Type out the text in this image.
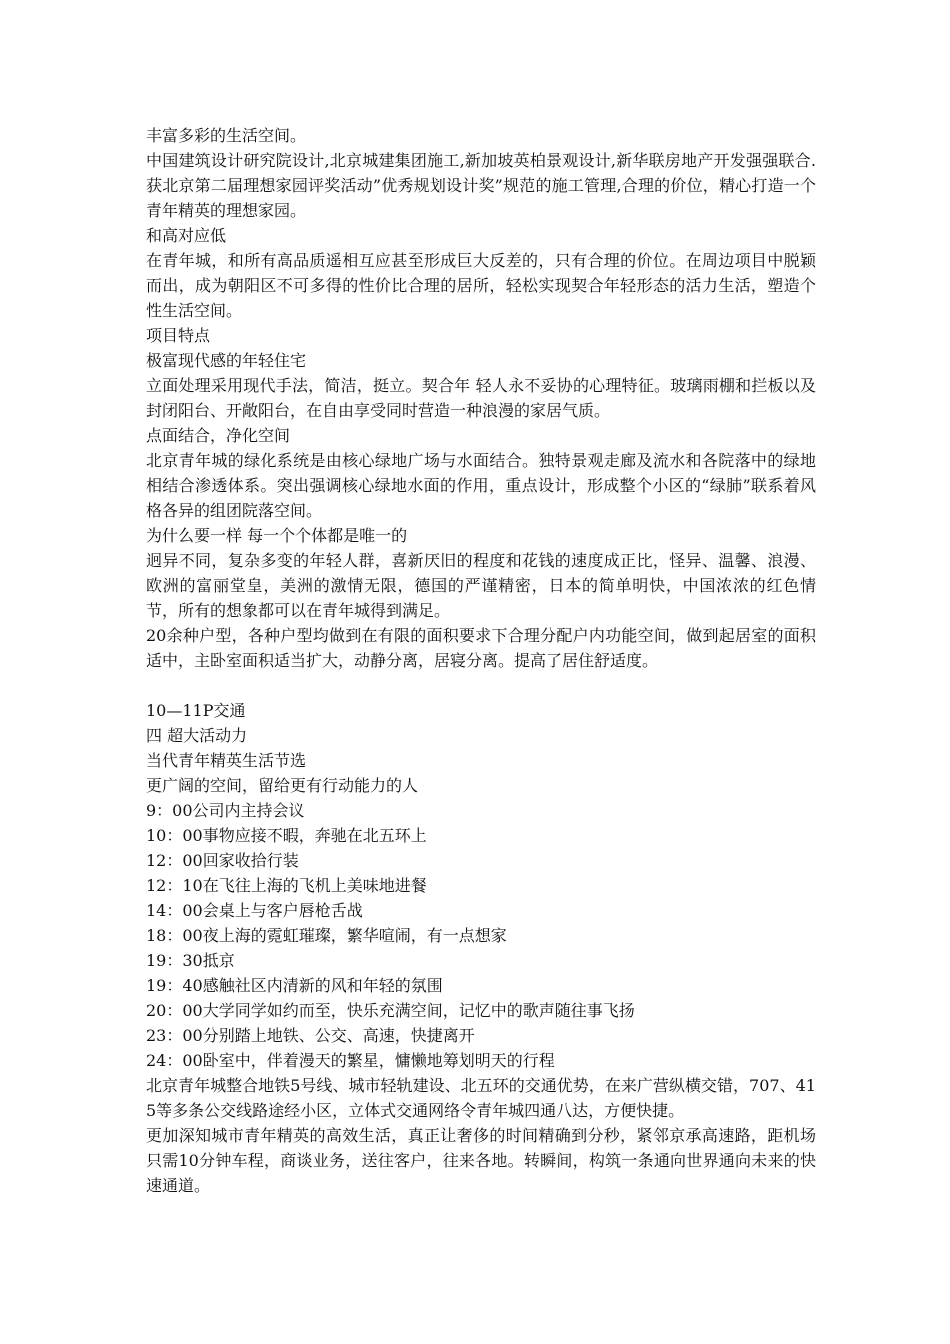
丰富多彩的生活空间。

中国建筑设计研究院设计,北京城建集团施工,新加坡英柏景观设计,新华联房地产开发强强联合.获北京第二届理想家园评奖活动”优秀规划设计奖”规范的施工管理,合理的价位，精心打造一个青年精英的理想家园。

和高对应低

在青年城，和所有高品质遥相互应甚至形成巨大反差的，只有合理的价位。在周边项目中脱颖而出，成为朝阳区不可多得的性价比合理的居所，轻松实现契合年轻形态的活力生活，塑造个性生活空间。

项目特点

极富现代感的年轻住宅

立面处理采用现代手法，简洁，挺立。契合年 轻人永不妥协的心理特征。玻璃雨棚和拦板以及封闭阳台、开敞阳台，在自由享受同时营造一种浪漫的家居气质。

点面结合，净化空间

北京青年城的绿化系统是由核心绿地广场与水面结合。独特景观走廊及流水和各院落中的绿地相结合渗透体系。突出强调核心绿地水面的作用，重点设计，形成整个小区的“绿肺”联系着风格各异的组团院落空间。

为什么要一样 每一个个体都是唯一的

迥异不同，复杂多变的年轻人群，喜新厌旧的程度和花钱的速度成正比，怪异、温馨、浪漫、欧洲的富丽堂皇，美洲的激情无限，德国的严谨精密，日本的简单明快，中国浓浓的红色情节，所有的想象都可以在青年城得到满足。

20余种户型，各种户型均做到在有限的面积要求下合理分配户内功能空间，做到起居室的面积适中，主卧室面积适当扩大，动静分离，居寝分离。提高了居住舒适度。

10—11P交通

四 超大活动力

当代青年精英生活节选

更广阔的空间，留给更有行动能力的人

9：00公司内主持会议

10：00事物应接不暇，奔驰在北五环上

12：00回家收拾行装

12：10在飞往上海的飞机上美味地进餐

14：00会桌上与客户唇枪舌战

18：00夜上海的霓虹璀璨，繁华喧闹，有一点想家

19：30抵京

19：40感触社区内清新的风和年轻的氛围

20：00大学同学如约而至，快乐充满空间，记忆中的歌声随往事飞扬

23：00分别踏上地铁、公交、高速，快捷离开

24：00卧室中，伴着漫天的繁星，慵懒地筹划明天的行程

北京青年城整合地铁5号线、城市轻轨建设、北五环的交通优势，在来广营纵横交错，707、415等多条公交线路途经小区，立体式交通网络令青年城四通八达，方便快捷。

更加深知城市青年精英的高效生活，真正让奢侈的时间精确到分秒，紧邻京承高速路，距机场只需10分钟车程，商谈业务，送往客户，往来各地。转瞬间，构筑一条通向世界通向未来的快速通道。
